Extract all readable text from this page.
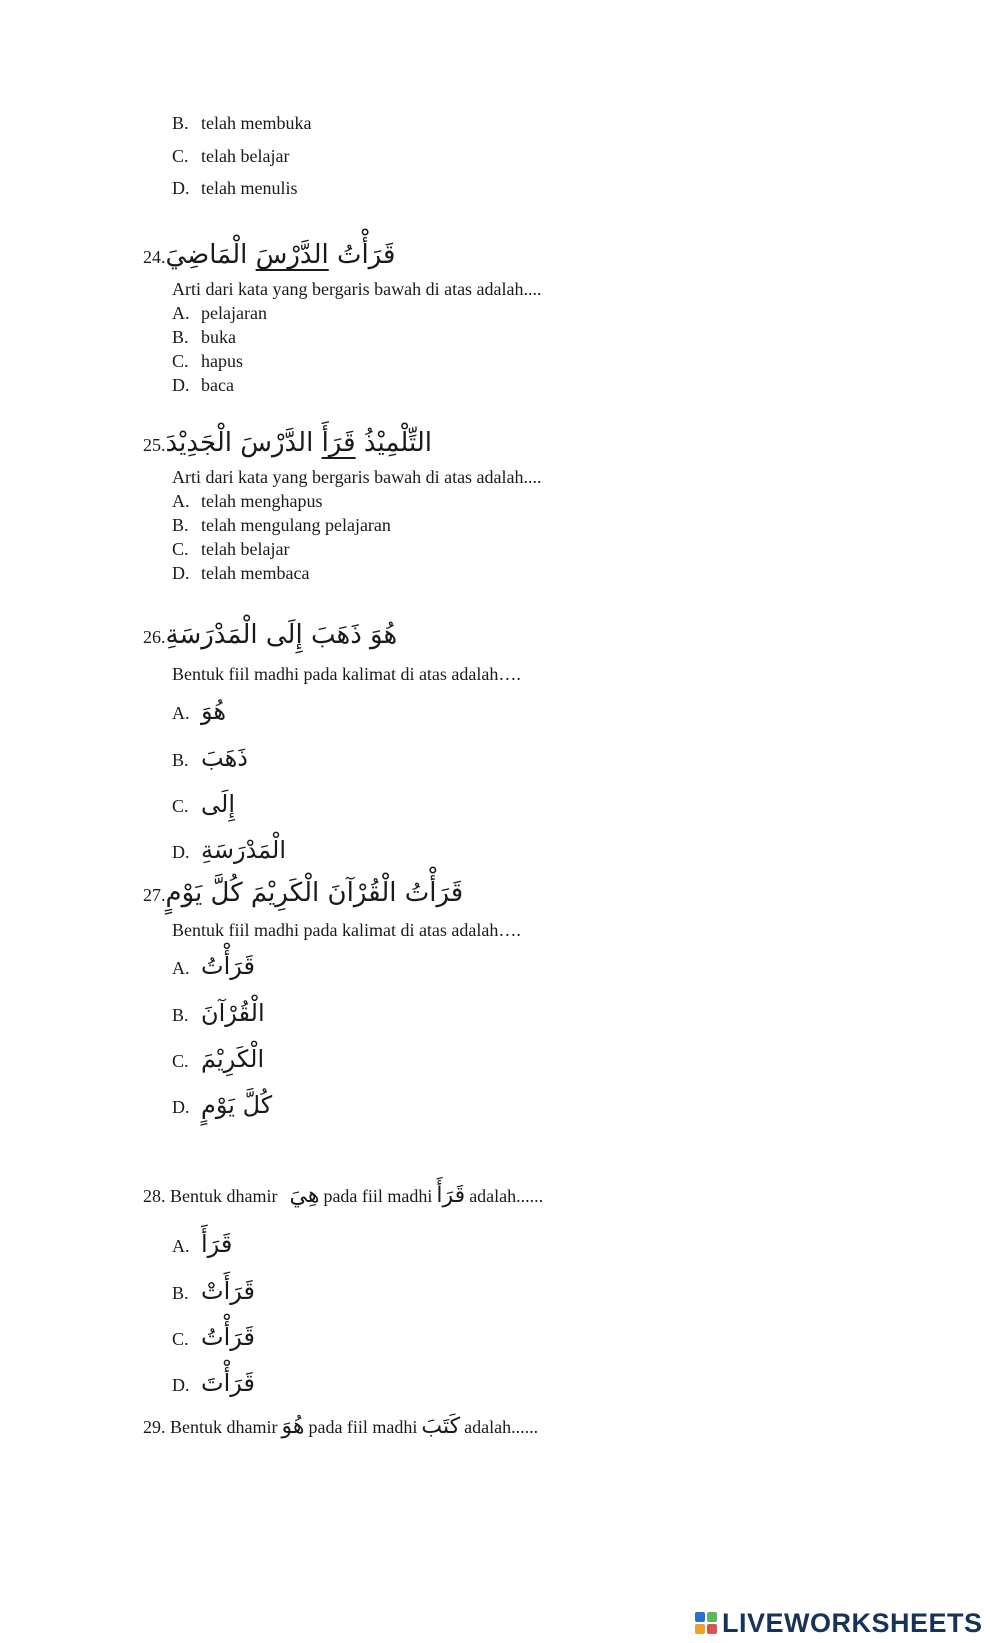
B. telah membuka
C. telah belajar
D. telah menulis
24.	قَرَأْتُ الدَّرْسَ الْمَاضِيَ
Arti dari kata yang bergaris bawah di atas adalah....
A. pelajaran
B. buka
C. hapus
D. baca
25.	التِّلْمِيْذُ قَرَأَ الدَّرْسَ الْجَدِيْدَ
Arti dari kata yang bergaris bawah di atas adalah....
A. telah menghapus
B. telah mengulang pelajaran
C. telah belajar
D. telah membaca
26. هُوَ ذَهَبَ إِلَى الْمَدْرَسَةِ
Bentuk fiil madhi pada kalimat di atas adalah….
A. هُوَ
B. ذَهَبَ
C. إِلَى
D. الْمَدْرَسَةِ
27. قَرَأْتُ الْقُرْآنَ الْكَرِيْمَ كُلَّ يَوْمٍ
Bentuk fiil madhi pada kalimat di atas adalah….
A. قَرَأْتُ
B. الْقُرْآنَ
C. الْكَرِيْمَ
D. كُلَّ يَوْمٍ
28.
Bentuk dhamir هِيَ pada fiil madhi قَرَأَ adalah......
A. قَرَأَ
B. قَرَأَتْ
C. قَرَأْتُ
D. قَرَأْتَ
29.
Bentuk dhamir هُوَ pada fiil madhi كَتَبَ adalah......
LIVEWORKSHEETS
